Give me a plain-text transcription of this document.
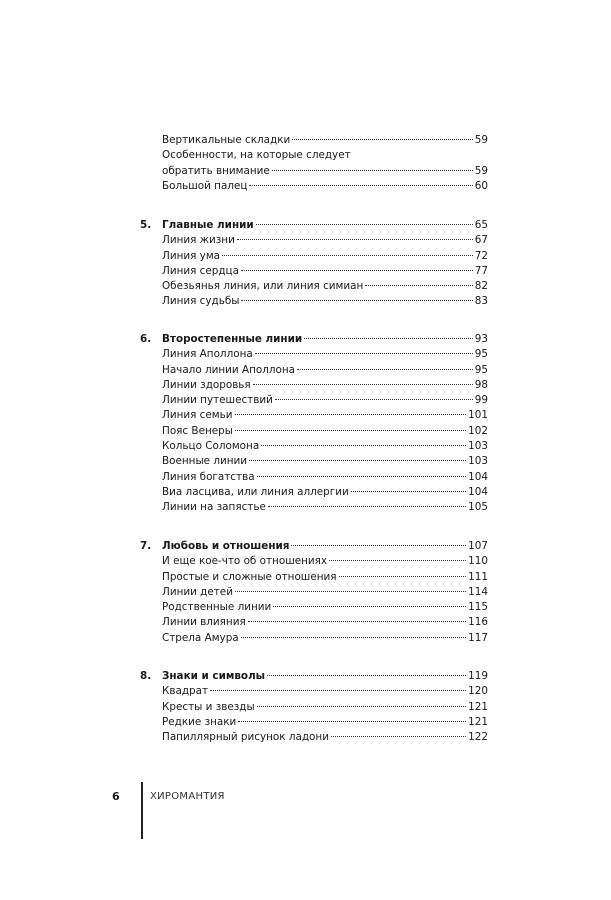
Вертикальные складки	59
Особенности, на которые следует
обратить внимание	59
Большой палец	60
5.	Главные линии	65
Линия жизни	67
Линия ума	72
Линия сердца	77
Обезьянья линия, или линия симиан	82
Линия судьбы	83
6.	Второстепенные линии	93
Линия Аполлона	95
Начало линии Аполлона	95
Линии здоровья	98
Линии путешествий	99
Линия семьи	101
Пояс Венеры	102
Кольцо Соломона	103
Военные линии	103
Линия богатства	104
Виа ласцива, или линия аллергии	104
Линии на запястье	105
7.	Любовь и отношения	107
И еще кое-что об отношениях	110
Простые и сложные отношения	111
Линии детей	114
Родственные линии	115
Линии влияния	116
Стрела Амура	117
8.	Знаки и символы	119
Квадрат	120
Кресты и звезды	121
Редкие знаки	121
Папиллярный рисунок ладони	122
6	ХИРОМАНТИЯ
